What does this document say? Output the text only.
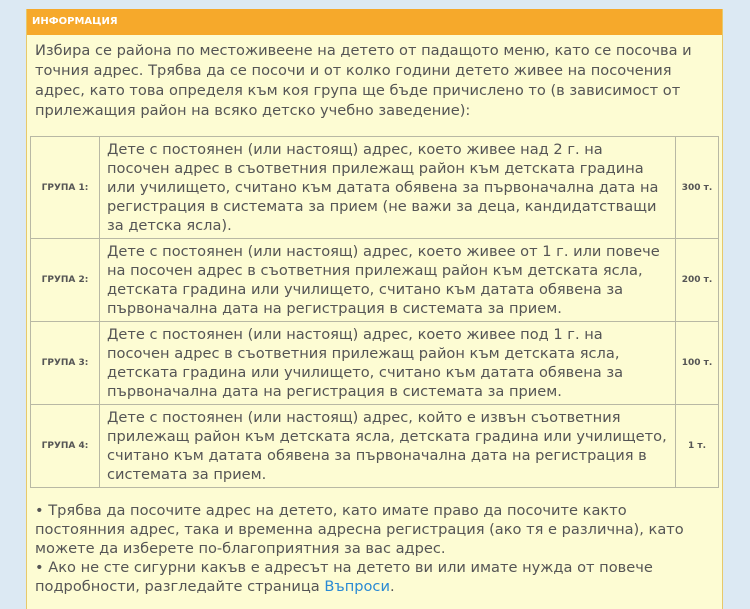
ИНФОРМАЦИЯ
Избира се района по местоживеене на детето от падащото меню, като се посочва и точния адрес. Трябва да се посочи и от колко години детето живее на посочения адрес, като това определя към коя група ще бъде причислено то (в зависимост от прилежащия район на всяко детско учебно заведение):
ГРУПА 1:	Дете с постоянен (или настоящ) адрес, което живее над 2 г. на посочен адрес в съответния прилежащ район към детската градина или училището, считано към датата обявена за първоначална дата на регистрация в системата за прием (не важи за деца, кандидатстващи за детска ясла).	300 т.
ГРУПА 2:	Дете с постоянен (или настоящ) адрес, което живее от 1 г. или повече на посочен адрес в съответния прилежащ район към детската ясла, детската градина или училището, считано към датата обявена за първоначална дата на регистрация в системата за прием.	200 т.
ГРУПА 3:	Дете с постоянен (или настоящ) адрес, което живее под 1 г. на посочен адрес в съответния прилежащ район към детската ясла, детската градина или училището, считано към датата обявена за първоначална дата на регистрация в системата за прием.	100 т.
ГРУПА 4:	Дете с постоянен (или настоящ) адрес, който е извън съответния прилежащ район към детската ясла, детската градина или училището, считано към датата обявена за първоначална дата на регистрация в системата за прием.	1 т.

• Трябва да посочите адрес на детето, като имате право да посочите както постоянния адрес, така и временна адресна регистрация (ако тя е различна), като можете да изберете по-благоприятния за вас адрес.

• Ако не сте сигурни какъв е адресът на детето ви или имате нужда от повече подробности, разгледайте страница Въпроси.
